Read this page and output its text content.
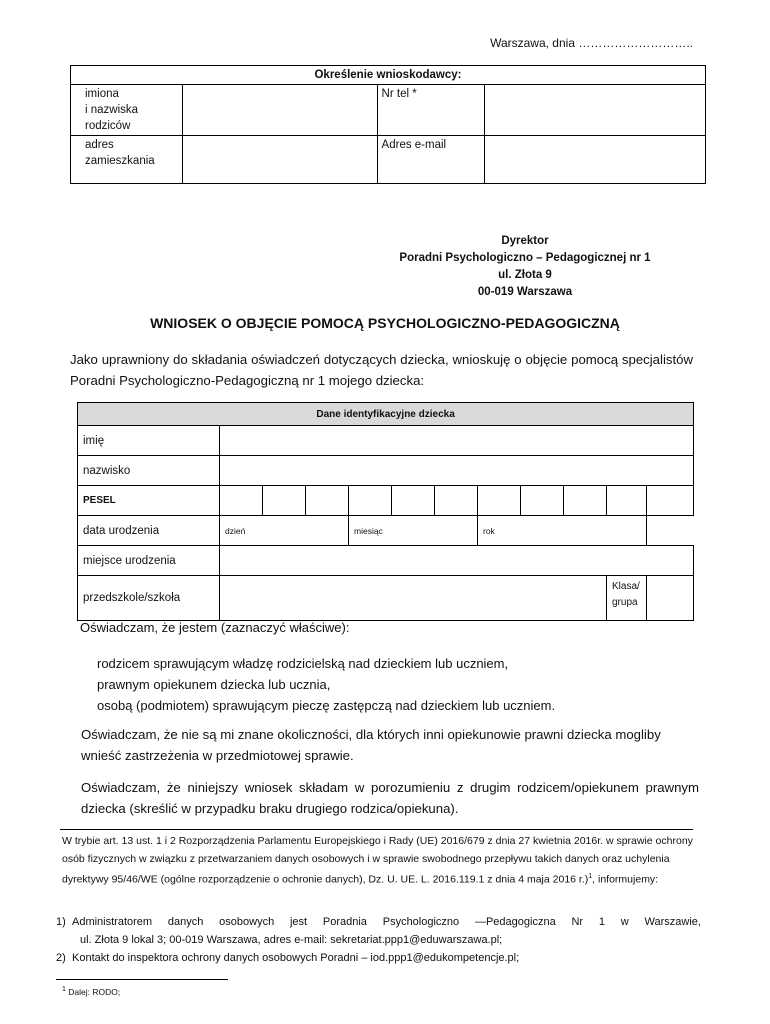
Warszawa, dnia ………………………..
Określenie wnioskodawcy:			
imiona
i nazwiska
rodziców		Nr tel *	
adres
zamieszkania		Adres e-mail	
Dyrektor
Poradni Psychologiczno – Pedagogicznej nr 1
ul. Złota 9
00-019 Warszawa
WNIOSEK O OBJĘCIE POMOCĄ PSYCHOLOGICZNO-PEDAGOGICZNĄ
Jako uprawniony do składania oświadczeń dotyczących dziecka, wnioskuję o objęcie pomocą specjalistów Poradni Psychologiczno-Pedagogiczną nr 1 mojego dziecka:
Dane identyfikacyjne dziecka											
imię											
nazwisko											
PESEL											
data urodzenia	dzień			miesiąc			rok				
miejsce urodzenia											
przedszkole/szkoła										Klasa/
grupa	
Oświadczam, że jestem (zaznaczyć właściwe):
rodzicem sprawującym władzę rodzicielską nad dzieckiem lub uczniem,
prawnym opiekunem dziecka lub ucznia,
osobą (podmiotem) sprawującym pieczę zastępczą nad dzieckiem lub uczniem.
Oświadczam, że nie są mi znane okoliczności, dla których inni opiekunowie prawni dziecka mogliby wnieść zastrzeżenia w przedmiotowej sprawie.
Oświadczam, że niniejszy wniosek składam w porozumieniu z drugim rodzicem/opiekunem prawnym dziecka (skreślić w przypadku braku drugiego rodzica/opiekuna).
W trybie art. 13 ust. 1 i 2 Rozporządzenia Parlamentu Europejskiego i Rady (UE) 2016/679 z dnia 27 kwietnia 2016r. w sprawie ochrony osób fizycznych w związku z przetwarzaniem danych osobowych i w sprawie swobodnego przepływu takich danych oraz uchylenia dyrektywy 95/46/WE (ogólne rozporządzenie o ochronie danych), Dz. U. UE. L. 2016.119.1 z dnia 4 maja 2016 r.)$^1$, informujemy:
1) Administratorem danych osobowych jest Poradnia Psychologiczno —Pedagogiczna Nr 1 w Warszawie,
ul. Złota 9 lokal 3; 00-019 Warszawa, adres e-mail: sekretariat.ppp1@eduwarszawa.pl;
2) Kontakt do inspektora ochrony danych osobowych Poradni – iod.ppp1@edukompetencje.pl;
$^1$ Dalej: RODO;
